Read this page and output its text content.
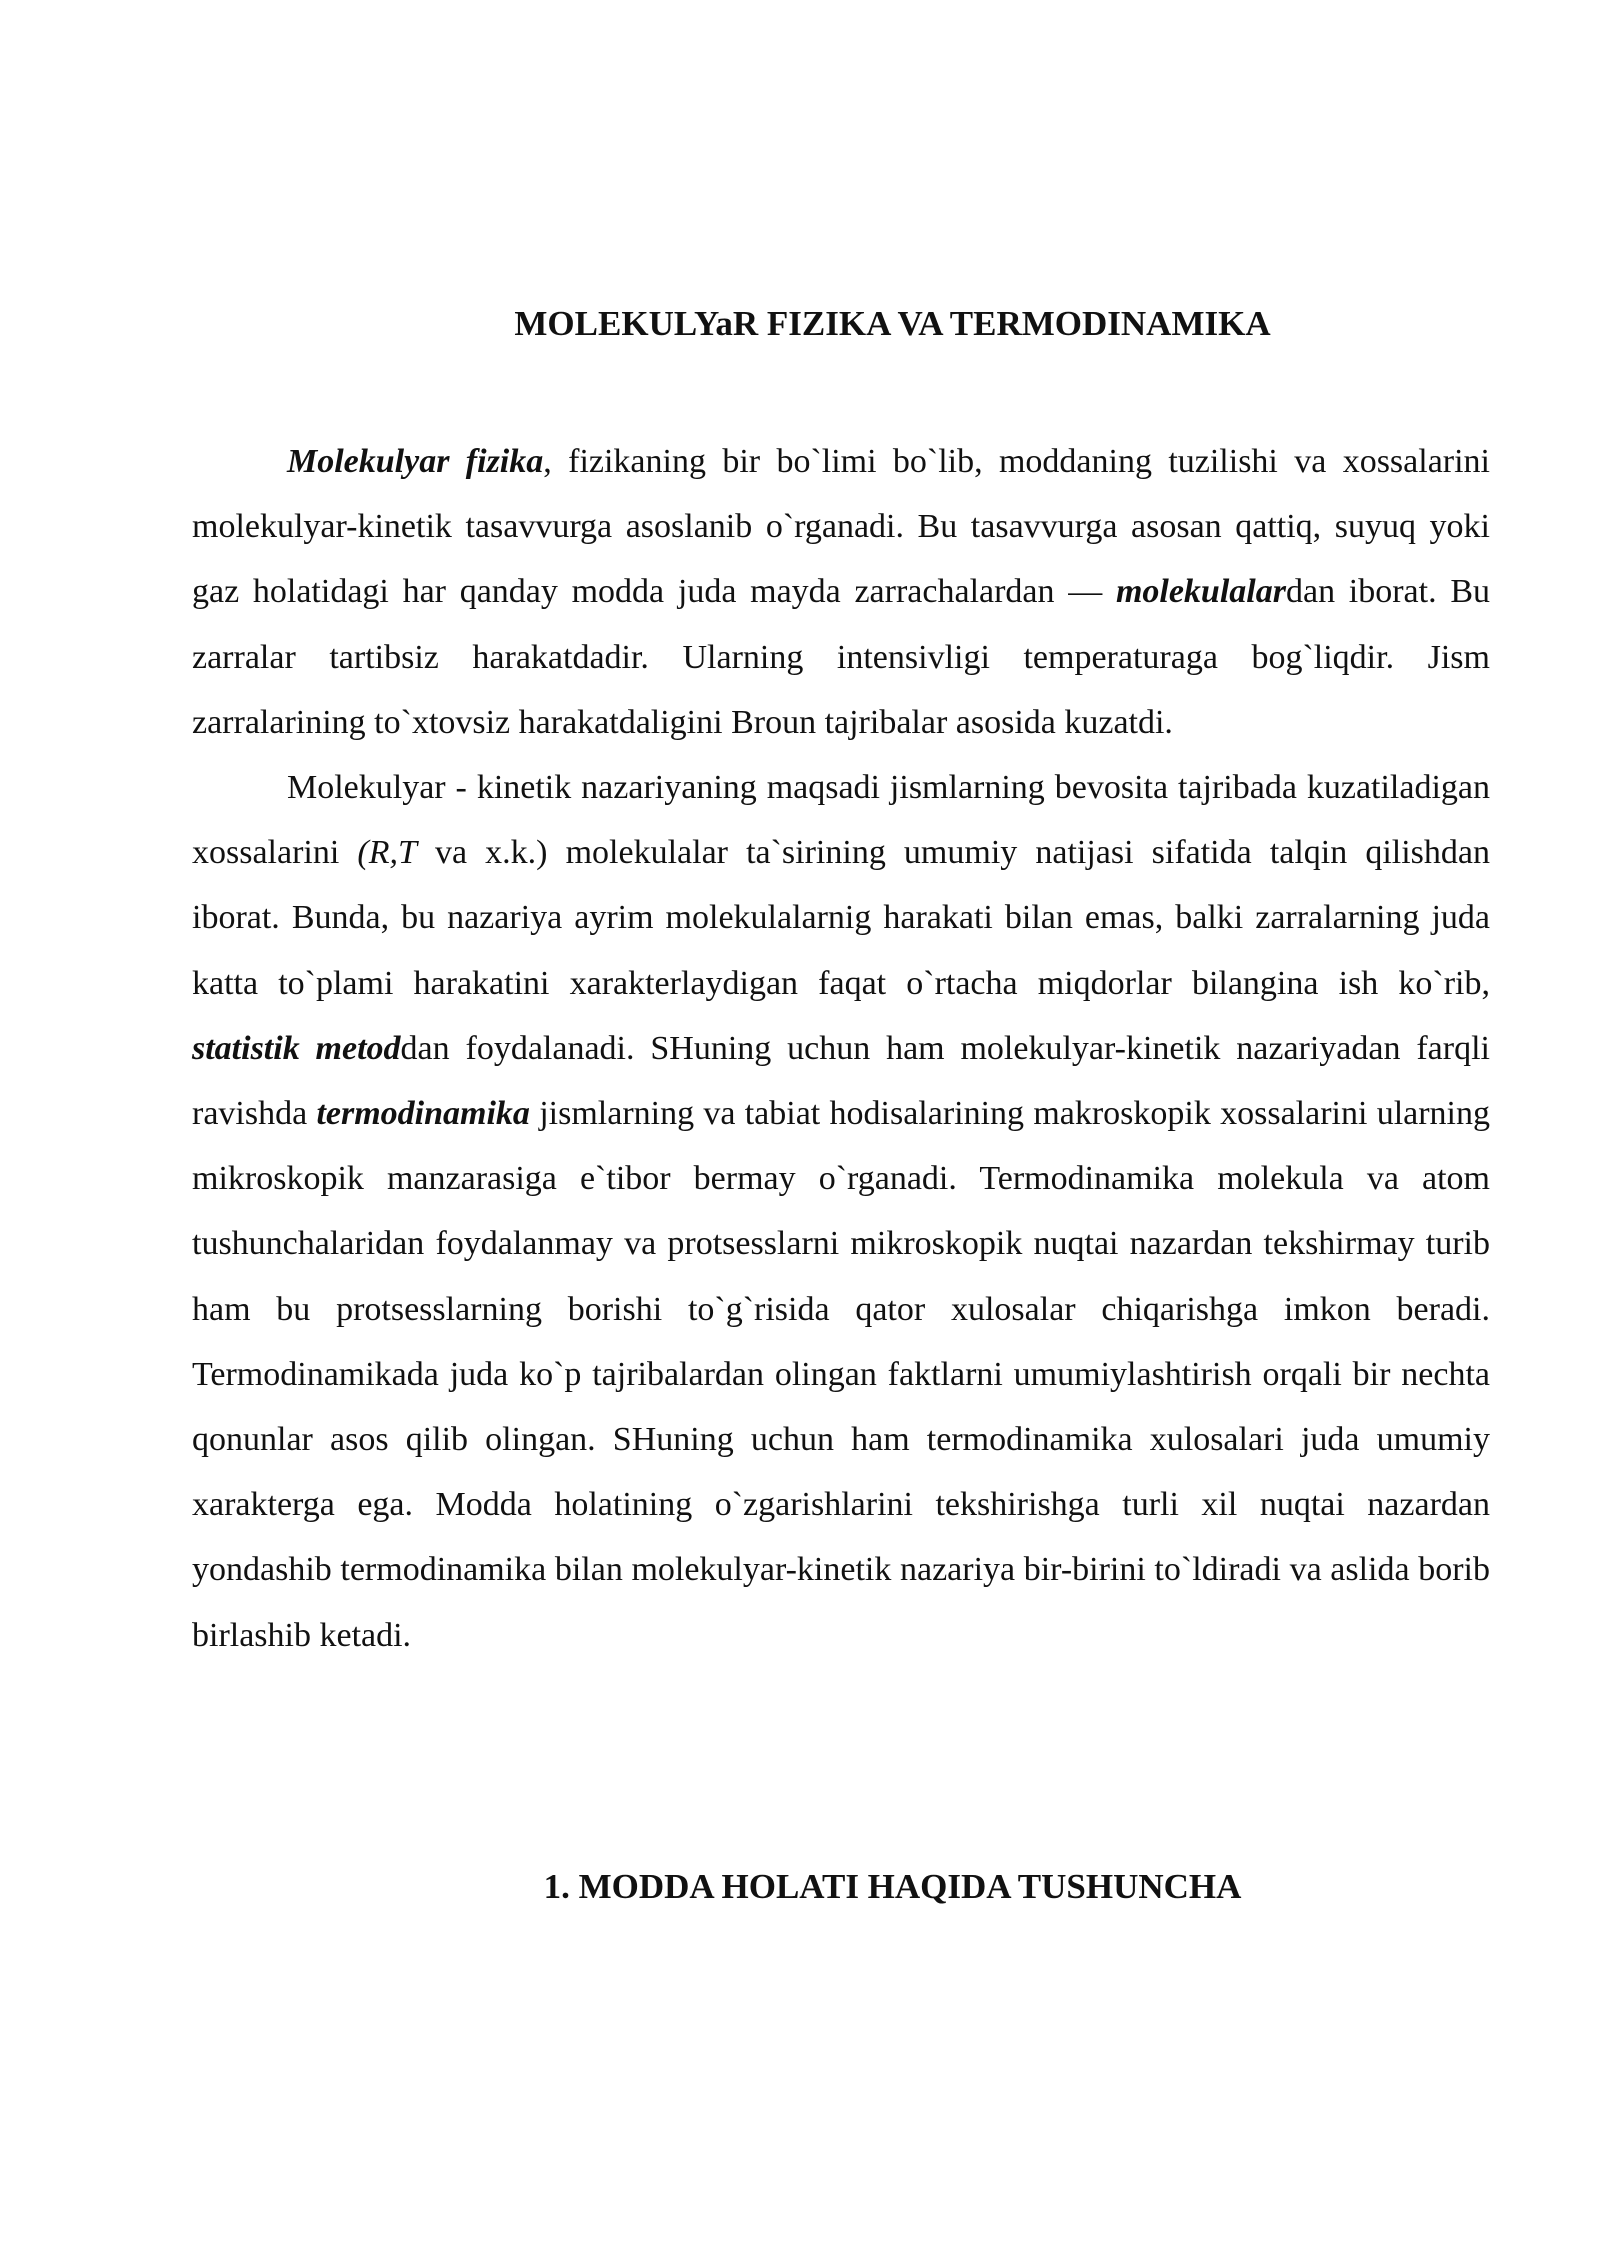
MOLEKULYaR FIZIKA VA TERMODINAMIKA

Molekulyar fizika, fizikaning bir bo`limi bo`lib, moddaning tuzilishi va xossalarini molekulyar-kinetik tasavvurga asoslanib o`rganadi. Bu tasavvurga asosan qattiq, suyuq yoki gaz holatidagi har qanday modda juda mayda zarrachalardan — molekulalardan iborat. Bu zarralar tartibsiz harakatdadir. Ularning intensivligi temperaturaga bog`liqdir. Jism zarralarining to`xtovsiz harakatdaligini Broun tajribalar asosida kuzatdi.

Molekulyar - kinetik nazariyaning maqsadi jismlarning bevosita tajribada kuzatiladigan xossalarini (R,T va x.k.) molekulalar ta`sirining umumiy natijasi sifatida talqin qilishdan iborat. Bunda, bu nazariya ayrim molekulalarnig harakati bilan emas, balki zarralarning juda katta to`plami harakatini xarakterlaydigan faqat o`rtacha miqdorlar bilangina ish ko`rib, statistik metoddan foydalanadi. SHuning uchun ham molekulyar-kinetik nazariyadan farqli ravishda termodinamika jismlarning va tabiat hodisalarining makroskopik xossalarini ularning mikroskopik manzarasiga e`tibor bermay o`rganadi. Termodinamika molekula va atom tushunchalaridan foydalanmay va protsesslarni mikroskopik nuqtai nazardan tekshirmay turib ham bu protsesslarning borishi to`g`risida qator xulosalar chiqarishga imkon beradi. Termodinamikada juda ko`p tajribalardan olingan faktlarni umumiylashtirish orqali bir nechta qonunlar asos qilib olingan. SHuning uchun ham termodinamika xulosalari juda umumiy xarakterga ega. Modda holatining o`zgarishlarini tekshirishga turli xil nuqtai nazardan yondashib termodinamika bilan molekulyar-kinetik nazariya bir-birini to`ldiradi va aslida borib birlashib ketadi.

1. MODDA HOLATI HAQIDA TUSHUNCHA
